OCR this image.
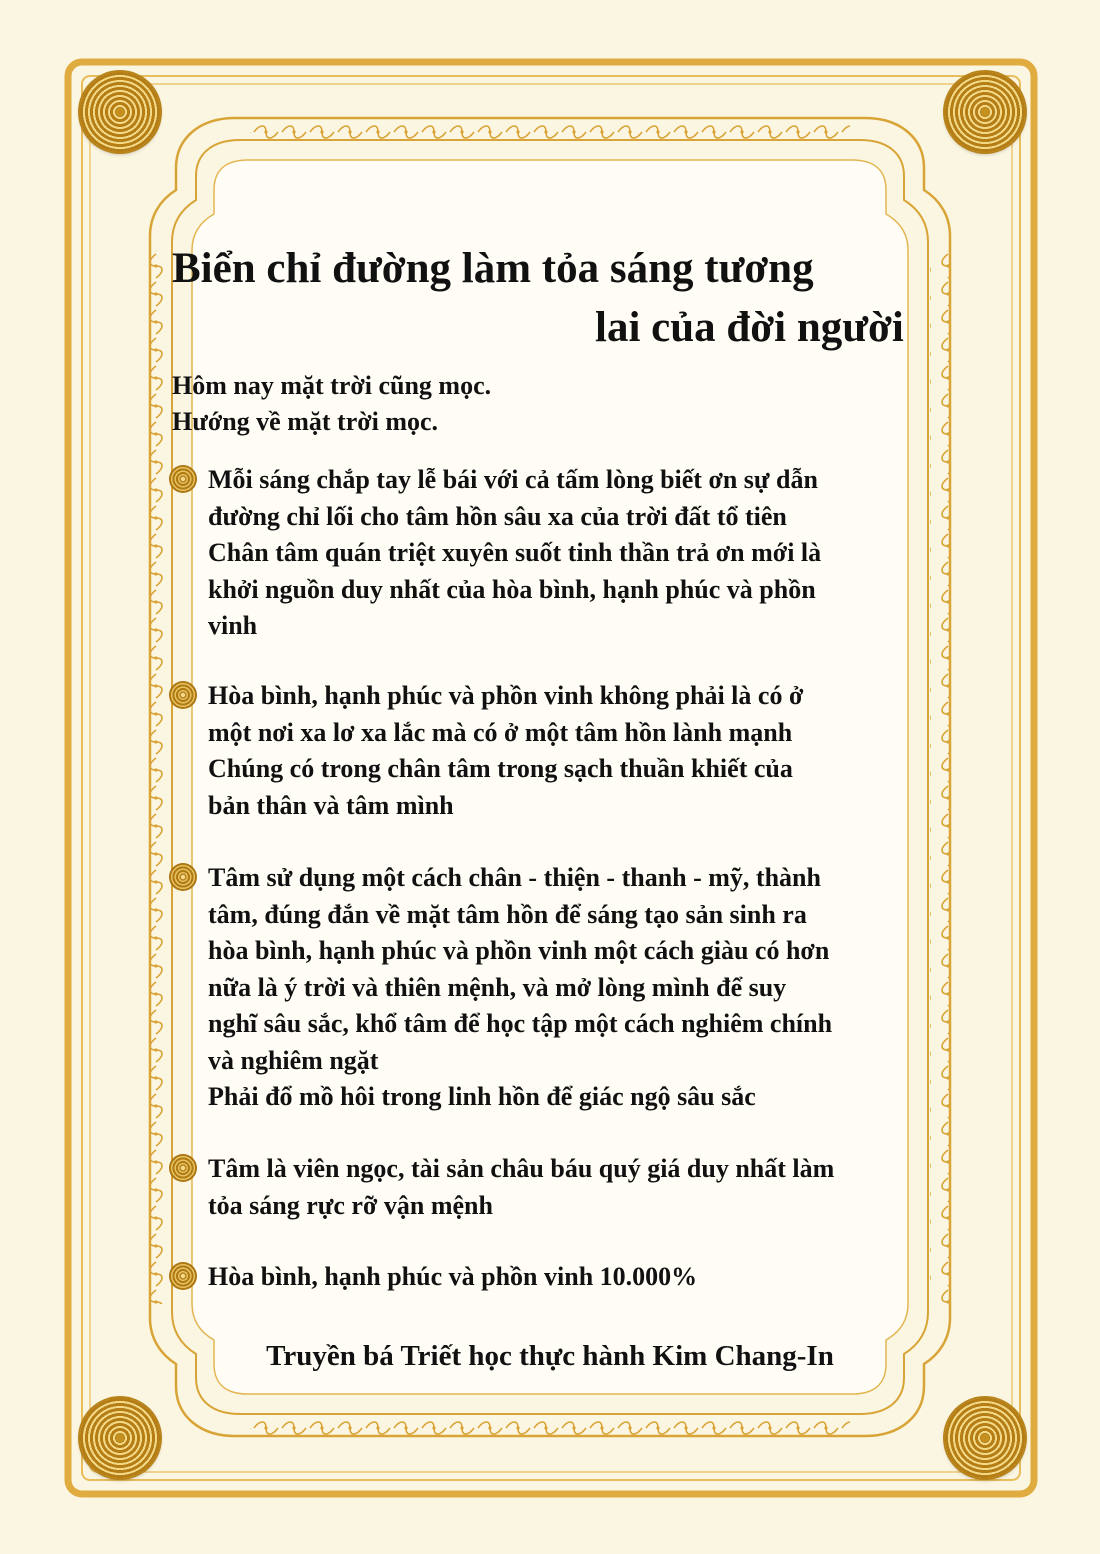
Biển chỉ đường làm tỏa sáng tương
lai của đời người
Hôm nay mặt trời cũng mọc.
Hướng về mặt trời mọc.
Mỗi sáng chắp tay lễ bái với cả tấm lòng biết ơn sự dẫn
đường chỉ lối cho tâm hồn sâu xa của trời đất tổ tiên
Chân tâm quán triệt xuyên suốt tinh thần trả ơn mới là
khởi nguồn duy nhất của hòa bình, hạnh phúc và phồn
vinh
Hòa bình, hạnh phúc và phồn vinh không phải là có ở
một nơi xa lơ xa lắc mà có ở một tâm hồn lành mạnh
Chúng có trong chân tâm trong sạch thuần khiết của
bản thân và tâm mình
Tâm sử dụng một cách chân - thiện - thanh - mỹ, thành
tâm, đúng đắn về mặt tâm hồn để sáng tạo sản sinh ra
hòa bình, hạnh phúc và phồn vinh một cách giàu có hơn
nữa là ý trời và thiên mệnh, và mở lòng mình để suy
nghĩ sâu sắc, khổ tâm để học tập một cách nghiêm chính
và nghiêm ngặt
Phải đổ mồ hôi trong linh hồn để giác ngộ sâu sắc
Tâm là viên ngọc, tài sản châu báu quý giá duy nhất làm
tỏa sáng rực rỡ vận mệnh
Hòa bình, hạnh phúc và phồn vinh 10.000%
Truyền bá Triết học thực hành Kim Chang-In
